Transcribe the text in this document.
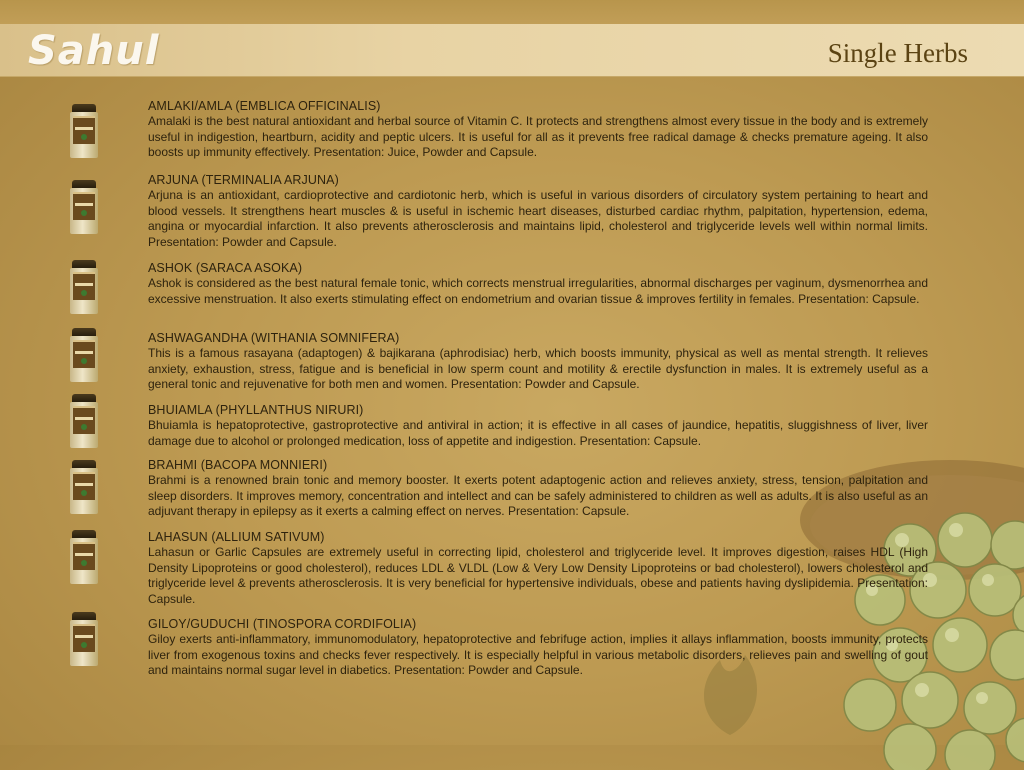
Sahul	Single Herbs
AMLAKI/AMLA (EMBLICA OFFICINALIS)
Amalaki is the best natural antioxidant and herbal source of Vitamin C. It protects and strengthens almost every tissue in the body and is extremely useful in indigestion, heartburn, acidity and peptic ulcers. It is useful for all as it prevents free radical damage & checks premature ageing. It also boosts up immunity effectively. Presentation: Juice, Powder and Capsule.
ARJUNA (TERMINALIA ARJUNA)
Arjuna is an antioxidant, cardioprotective and cardiotonic herb, which is useful in various disorders of circulatory system pertaining to heart and blood vessels. It strengthens heart muscles & is useful in ischemic heart diseases, disturbed cardiac rhythm, palpitation, hypertension, edema, angina or myocardial infarction. It also prevents atherosclerosis and maintains lipid, cholesterol and triglyceride levels well within normal limits. Presentation: Powder and Capsule.
ASHOK (SARACA ASOKA)
Ashok is considered as the best natural female tonic, which corrects menstrual irregularities, abnormal discharges per vaginum, dysmenorrhea and excessive menstruation. It also exerts stimulating effect on endometrium and ovarian tissue & improves fertility in females. Presentation: Capsule.
ASHWAGANDHA (WITHANIA SOMNIFERA)
This is a famous rasayana (adaptogen) & bajikarana (aphrodisiac) herb, which boosts immunity, physical as well as mental strength. It relieves anxiety, exhaustion, stress, fatigue and is beneficial in low sperm count and motility & erectile dysfunction in males. It is extremely useful as a general tonic and rejuvenative for both men and women. Presentation: Powder and Capsule.
BHUIAMLA (PHYLLANTHUS NIRURI)
Bhuiamla is hepatoprotective, gastroprotective and antiviral in action; it is effective in all cases of jaundice, hepatitis, sluggishness of liver, liver damage due to alcohol or prolonged medication, loss of appetite and indigestion. Presentation: Capsule.
BRAHMI (BACOPA MONNIERI)
Brahmi is a renowned brain tonic and memory booster. It exerts potent adaptogenic action and relieves anxiety, stress, tension, palpitation and sleep disorders. It improves memory, concentration and intellect and can be safely administered to children as well as adults. It is also useful as an adjuvant therapy in epilepsy as it exerts a calming effect on nerves. Presentation: Capsule.
LAHASUN (ALLIUM SATIVUM)
Lahasun or Garlic Capsules are extremely useful in correcting lipid, cholesterol and triglyceride level. It improves digestion, raises HDL (High Density Lipoproteins or good cholesterol), reduces LDL & VLDL (Low & Very Low Density Lipoproteins or bad cholesterol), lowers cholesterol and triglyceride level & prevents atherosclerosis. It is very beneficial for hypertensive individuals, obese and patients having dyslipidemia. Presentation: Capsule.
GILOY/GUDUCHI (TINOSPORA CORDIFOLIA)
Giloy exerts anti-inflammatory, immunomodulatory, hepatoprotective and febrifuge action, implies it allays inflammation, boosts immunity, protects liver from exogenous toxins and checks fever respectively. It is especially helpful in various metabolic disorders, relieves pain and swelling of gout and maintains normal sugar level in diabetics. Presentation: Powder and Capsule.
